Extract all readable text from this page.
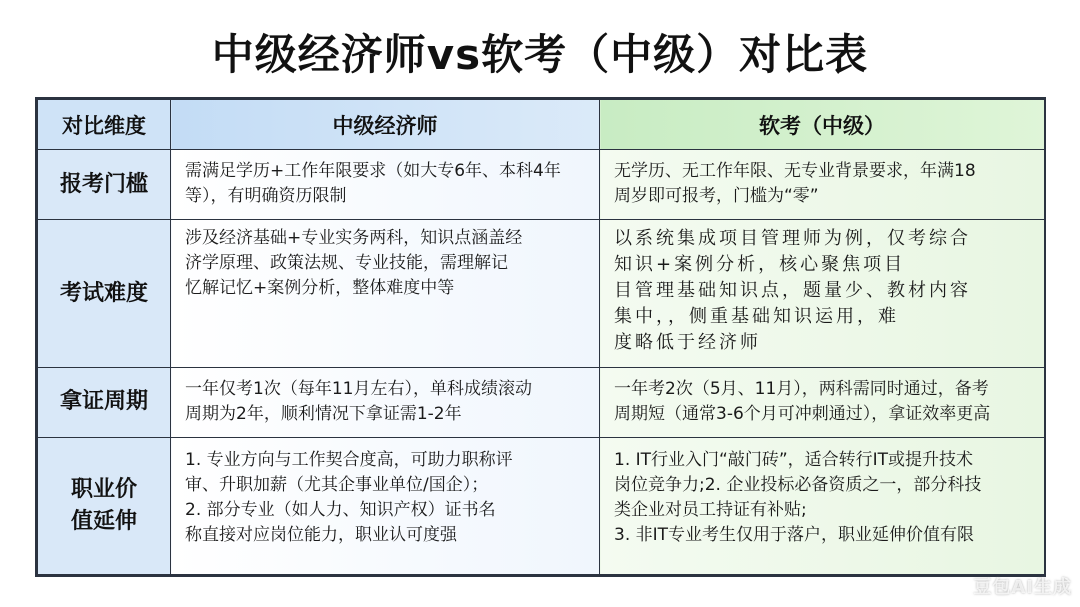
中级经济师vs软考（中级）对比表
对比维度	中级经济师	软考（中级）

报考门槛	需满足学历+工作年限要求（如大专6年、本科4年
等），有明确资历限制	无学历、无工作年限、无专业背景要求，年满18
周岁即可报考，门槛为“零”

考试难度	涉及经济基础+专业实务两科，知识点涵盖经
济学原理、政策法规、专业技能，需理解记
忆解记忆+案例分析，整体难度中等	以系统集成项目管理师为例，仅考综合
知识+案例分析，核心聚焦项目
目管理基础知识点，题量少、教材内容
集中，，侧重基础知识运用，难
度略低于经济师

拿证周期	一年仅考1次（每年11月左右），单科成绩滚动
周期为2年，顺利情况下拿证需1-2年	一年考2次（5月、11月），两科需同时通过，备考
周期短（通常3-6个月可冲刺通过），拿证效率更高

职业价
值延伸	1. 专业方向与工作契合度高，可助力职称评
审、升职加薪（尤其企事业单位/国企）；
2. 部分专业（如人力、知识产权）证书名
称直接对应岗位能力，职业认可度强	1. IT行业入门“敲门砖”，适合转行IT或提升技术
岗位竞争力;2. 企业投标必备资质之一，部分科技
类企业对员工持证有补贴;
3. 非IT专业考生仅用于落户，职业延伸价值有限
豆包AI生成
